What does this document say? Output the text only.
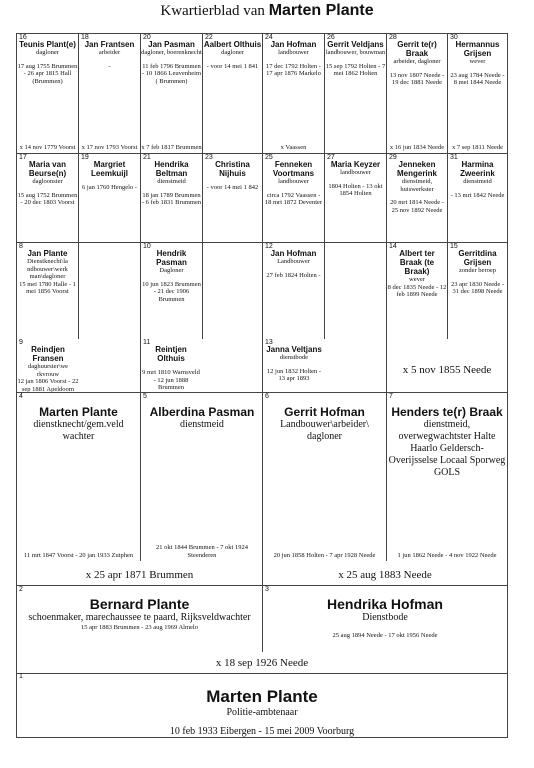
Kwartierblad van Marten Plante
16
Teunis Plant(e)
dagloner
17 aug 1755 Brummen - 26 apr 1815 Hall (Brummen)
x 14 nov 1779 Voorst
18
Jan Frantsen
arbeider
-
x 17 nov 1793 Voorst
20
Jan Pasman
dagloner, boerenknecht
11 feb 1796 Brummen - 10 1866 Leuvenheim ( Brummen)
x 7 feb 1817 Brummen
22
Aalbert Olthuis
dagloner
- voor 14 mei 1 841
24
Jan Hofman
landbouwer
17 dec 1792 Holten - 17 apr 1876 Markelo
x Vaassen
26
Gerrit Veldjans
landbouwer, bouwman
15 sep 1792 Holten - 7 mei 1862 Holten
28
Gerrit te(r) Braak
arbeider, dagloner
13 nov 1807 Neede - 19 dec 1881 Neede
x 16 jun 1834 Neede
30
Hermannus Grijsen
wever
23 aug 1784 Neede - 8 mei 1844 Neede
x 7 sep 1811 Neede
17
Maria van Beurse(n)
dagloonster
15 aug 1752 Brummen - 20 dec 1803 Voorst
19
Margriet Leemkuijl
6 jan 1760 Hengelo -
21
Hendrika Beltman
dienstmeid
18 jan 1789 Brummen - 6 feb 1831 Brummen
23
Christina Nijhuis
- voor 14 mei 1 842
25
Fenneken Voortmans
landbouwer
circa 1792 Vaassen - 18 mrt 1872 Deventer
27
Maria Keyzer
landbouwer
1804 Holten - 13 okt 1854 Holten
29
Jenneken Mengerink
dienstmeid, huiswerkster
20 mrt 1814 Neede - 25 nov 1892 Neede
31
Harmina Zweerink
dienstmeid
- 13 mrt 1842 Neede
8
Jan Plante
Dienstknecht\la ndbouwer\werk man\dagloner
15 mei 1780 Halle - 1 mei 1856 Voorst
9
Reindjen Fransen
daghuurster\we rkvrouw
12 jan 1806 Voorst - 22 sep 1881 Apeldoorn
10
Hendrik Pasman
Dagloner
10 jun 1823 Brummen - 21 dec 1906 Brummen
11
Reintjen Olthuis
9 mrt 1810 Warnsveld - 12 jun 1888 Brummen
12
Jan Hofman
Landbouwer
27 feb 1824 Holten -
13
Janna Veltjans
dienstbode
12 jun 1832 Holten - 13 apr 1893
14
Albert ter Braak (te Braak)
wever
8 dec 1835 Neede - 12 feb 1899 Neede
15
Gerritdina Grijsen
zonder beroep
23 apr 1830 Neede - 31 dec 1898 Neede
x 5 nov 1855 Neede
4
Marten Plante
dienstknecht/gem.veld wachter
11 mrt 1847 Voorst - 20 jan 1933 Zutphen
5
Alberdina Pasman
dienstmeid
21 okt 1844 Brummen - 7 okt 1924 Steenderen
x 25 apr 1871 Brummen
6
Gerrit Hofman
Landbouwer\arbeider\ dagloner
20 jun 1858 Holten - 7 apr 1928 Neede
7
Henders te(r) Braak
dienstmeid, overwegwachtster Halte Haarlo Geldersch-Overijsselse Locaal Sporweg GOLS
1 jun 1862 Neede - 4 nov 1922 Neede
x 25 aug 1883 Neede
2
Bernard Plante
schoenmaker, marechaussee te paard, Rijksveldwachter
15 apr 1883 Brummen - 23 aug 1969 Almelo
3
Hendrika Hofman
Dienstbode
25 aug 1894 Neede - 17 okt 1956 Neede
x 18 sep 1926 Neede
1
Marten Plante
Politie-ambtenaar
10 feb 1933 Eibergen - 15 mei 2009 Voorburg
